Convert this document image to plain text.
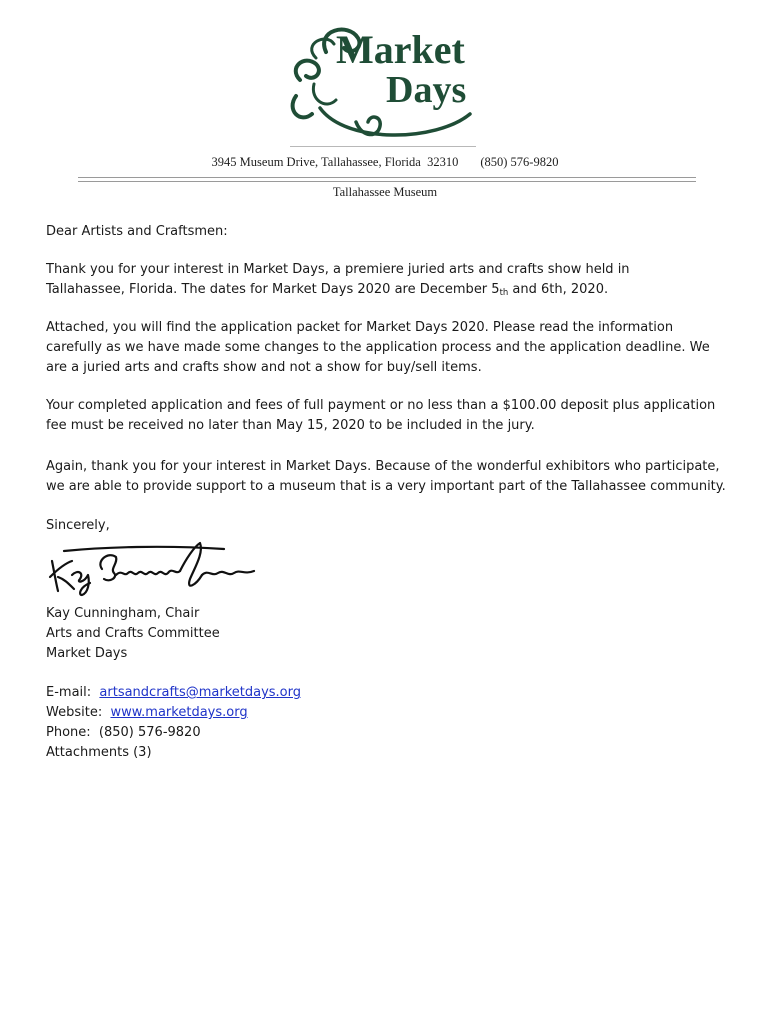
Market
Days
3945 Museum Drive, Tallahassee, Florida  32310 (850) 576-9820
Tallahassee Museum
Dear Artists and Craftsmen:
Thank you for your interest in Market Days, a premiere juried arts and crafts show held in
Tallahassee, Florida. The dates for Market Days 2020 are December $5_{th}$ and 6th, 2020.
Attached, you will find the application packet for Market Days 2020. Please read the information
carefully as we have made some changes to the application process and the application deadline. We
are a juried arts and crafts show and not a show for buy/sell items.
Your completed application and fees of full payment or no less than a $100.00 deposit plus application
fee must be received no later than May 15, 2020 to be included in the jury.
Again, thank you for your interest in Market Days. Because of the wonderful exhibitors who participate,
we are able to provide support to a museum that is a very important part of the Tallahassee community.
Sincerely,
Kay Cunningham, Chair
Arts and Crafts Committee
Market Days
E-mail:  artsandcrafts@marketdays.org
Website:  www.marketdays.org
Phone:  (850) 576-9820
Attachments (3)
